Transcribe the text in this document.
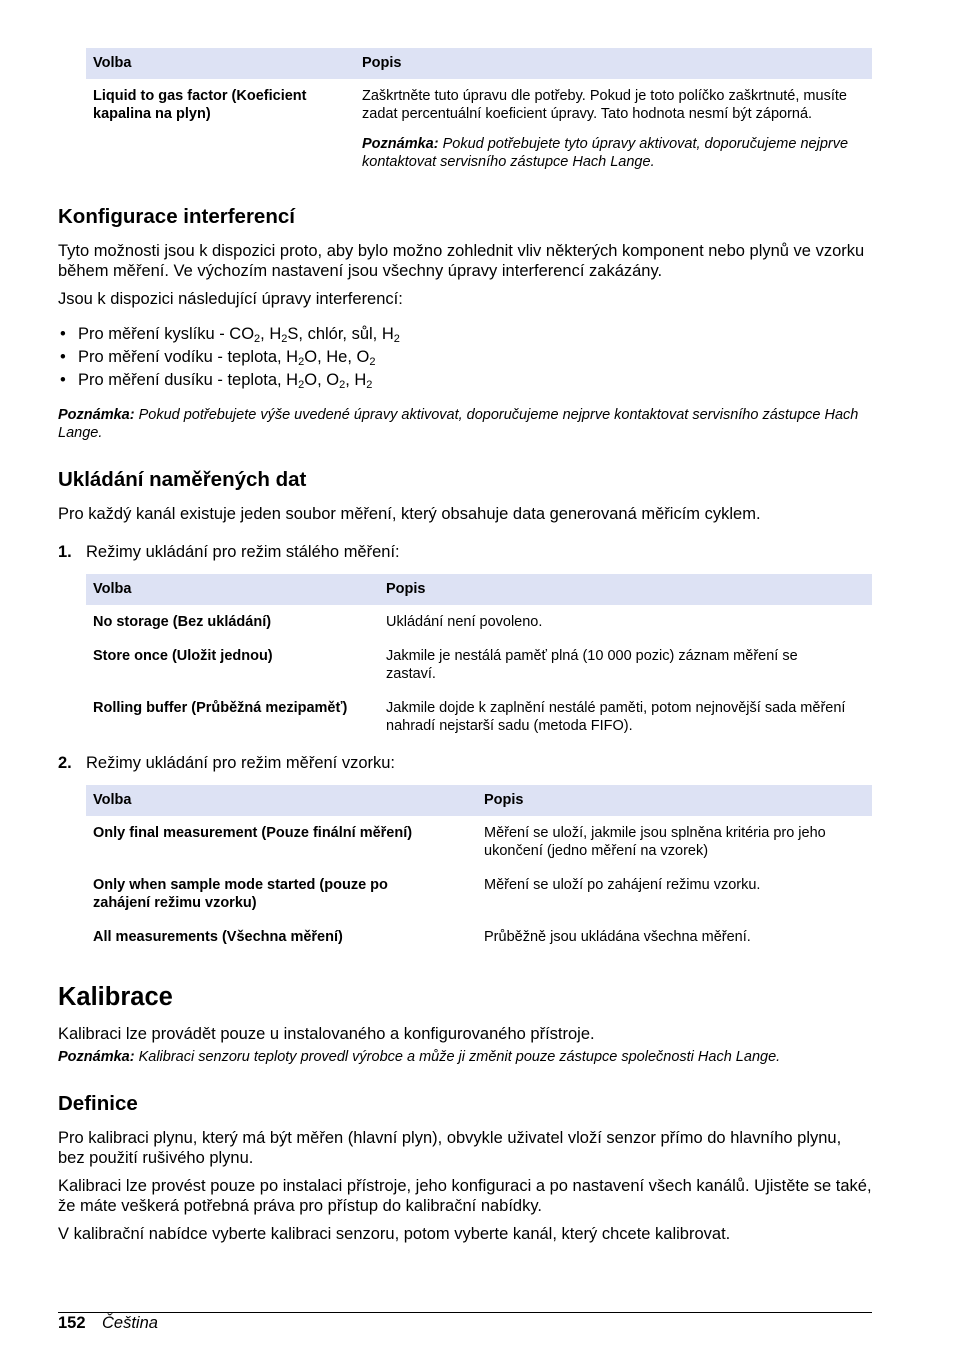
Volba	Popis
Liquid to gas factor (Koeficient kapalina na plyn)	Zaškrtněte tuto úpravu dle potřeby. Pokud je toto políčko zaškrtnuté, musíte zadat percentuální koeficient úpravy. Tato hodnota nesmí být záporná.

Poznámka: Pokud potřebujete tyto úpravy aktivovat, doporučujeme nejprve kontaktovat servisního zástupce Hach Lange.

Konfigurace interferencí

Tyto možnosti jsou k dispozici proto, aby bylo možno zohlednit vliv některých komponent nebo plynů ve vzorku během měření. Ve výchozím nastavení jsou všechny úpravy interferencí zakázány.

Jsou k dispozici následující úpravy interferencí:

• Pro měření kyslíku - $CO_2$, $H_2S$, chlór, sůl, $H_2$
• Pro měření vodíku - teplota, $H_2O$, He, $O_2$
• Pro měření dusíku - teplota, $H_2O$, $O_2$, $H_2$

Poznámka: Pokud potřebujete výše uvedené úpravy aktivovat, doporučujeme nejprve kontaktovat servisního zástupce Hach Lange.

Ukládání naměřených dat

Pro každý kanál existuje jeden soubor měření, který obsahuje data generovaná měřicím cyklem.

1. Režimy ukládání pro režim stálého měření:
Volba	Popis
No storage (Bez ukládání)	Ukládání není povoleno.
Store once (Uložit jednou)	Jakmile je nestálá paměť plná (10 000 pozic) záznam měření se zastaví.
Rolling buffer (Průběžná mezipaměť)	Jakmile dojde k zaplnění nestálé paměti, potom nejnovější sada měření nahradí nejstarší sadu (metoda FIFO).
2. Režimy ukládání pro režim měření vzorku:
Volba	Popis
Only final measurement (Pouze finální měření)	Měření se uloží, jakmile jsou splněna kritéria pro jeho ukončení (jedno měření na vzorek)
Only when sample mode started (pouze po zahájení režimu vzorku)	Měření se uloží po zahájení režimu vzorku.
All measurements (Všechna měření)	Průběžně jsou ukládána všechna měření.
Kalibrace

Kalibraci lze provádět pouze u instalovaného a konfigurovaného přístroje.

Poznámka: Kalibraci senzoru teploty provedl výrobce a může ji změnit pouze zástupce společnosti Hach Lange.

Definice

Pro kalibraci plynu, který má být měřen (hlavní plyn), obvykle uživatel vloží senzor přímo do hlavního plynu, bez použití rušivého plynu.

Kalibraci lze provést pouze po instalaci přístroje, jeho konfiguraci a po nastavení všech kanálů. Ujistěte se také, že máte veškerá potřebná práva pro přístup do kalibrační nabídky.

V kalibrační nabídce vyberte kalibraci senzoru, potom vyberte kanál, který chcete kalibrovat.

152 Čeština
